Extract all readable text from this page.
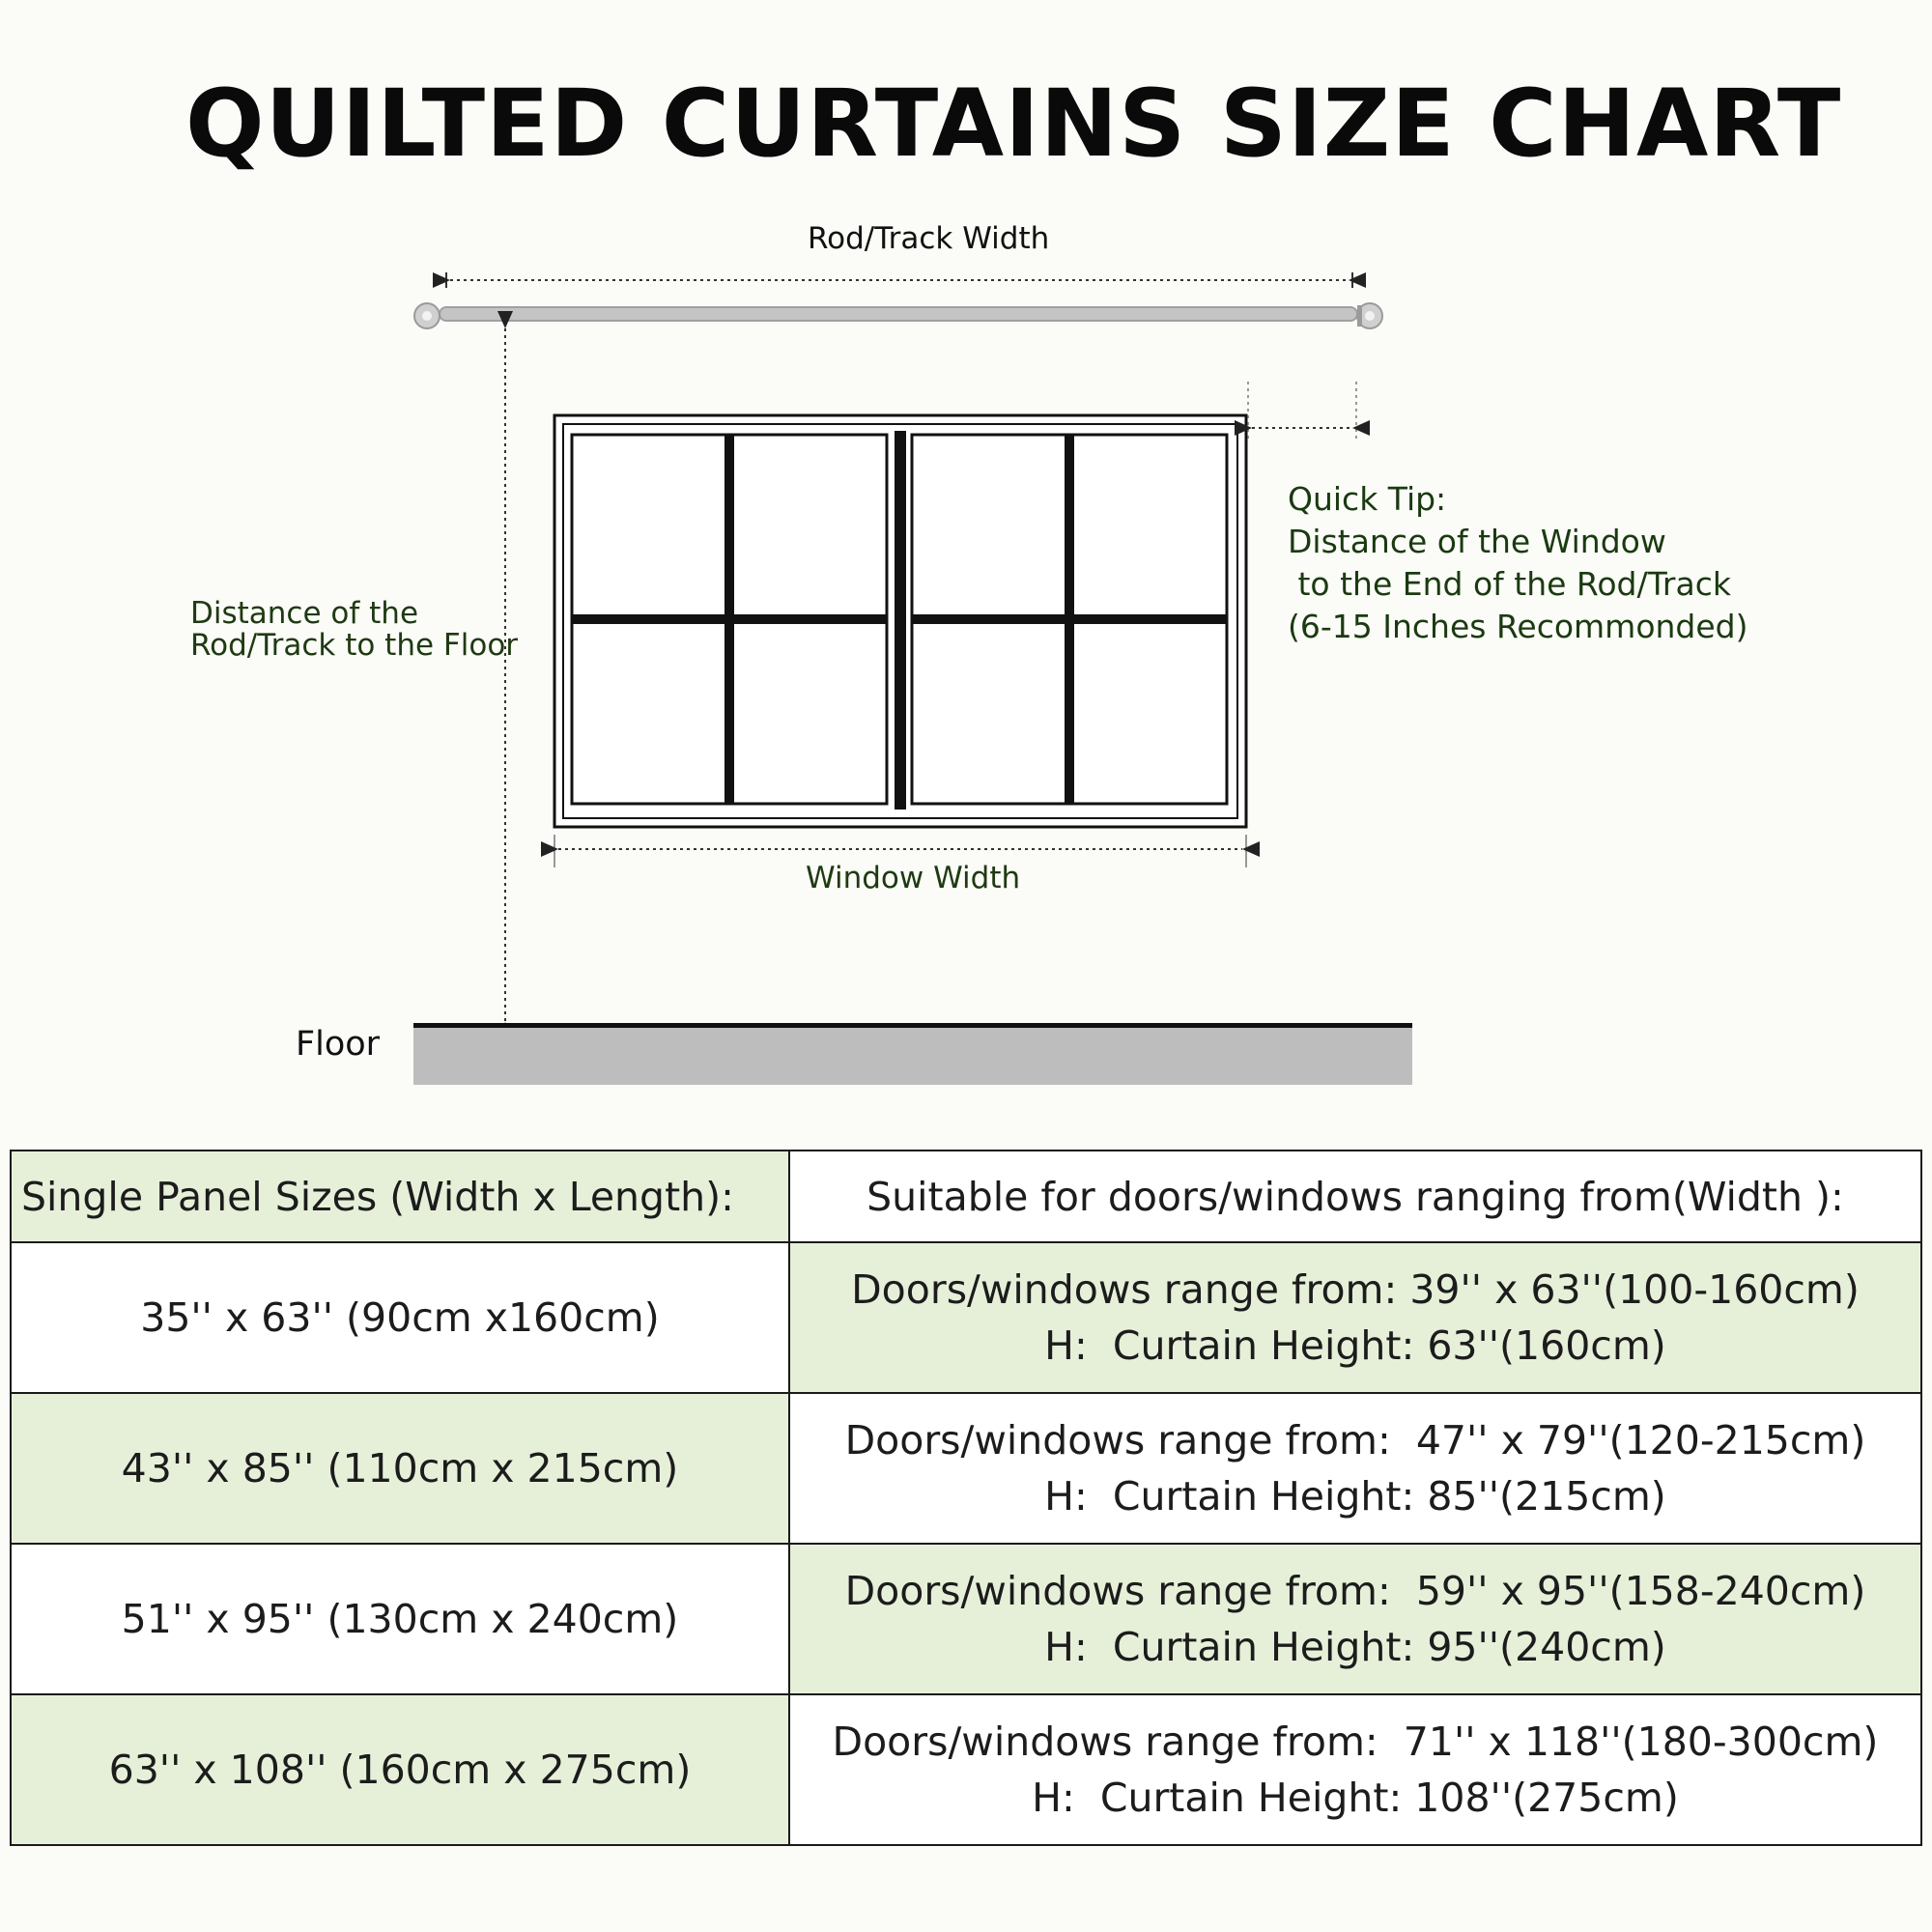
QUILTED CURTAINS SIZE CHART
Rod/Track Width
Distance of the
Rod/Track to the Floor
Window Width
Floor
Quick Tip:
Distance of the Window
to the End of the Rod/Track
(6-15 Inches Recommonded)
Single Panel Sizes (Width x Length):	Suitable for doors/windows ranging from(Width ):
35'' x 63'' (90cm x160cm)	Doors/windows range from: 39'' x 63''(100-160cm)
H:  Curtain Height: 63''(160cm)

43'' x 85'' (110cm x 215cm)	Doors/windows range from:  47'' x 79''(120-215cm)
H:  Curtain Height: 85''(215cm)

51'' x 95'' (130cm x 240cm)	Doors/windows range from:  59'' x 95''(158-240cm)
H:  Curtain Height: 95''(240cm)

63'' x 108'' (160cm x 275cm)	Doors/windows range from:  71'' x 118''(180-300cm)
H:  Curtain Height: 108''(275cm)
